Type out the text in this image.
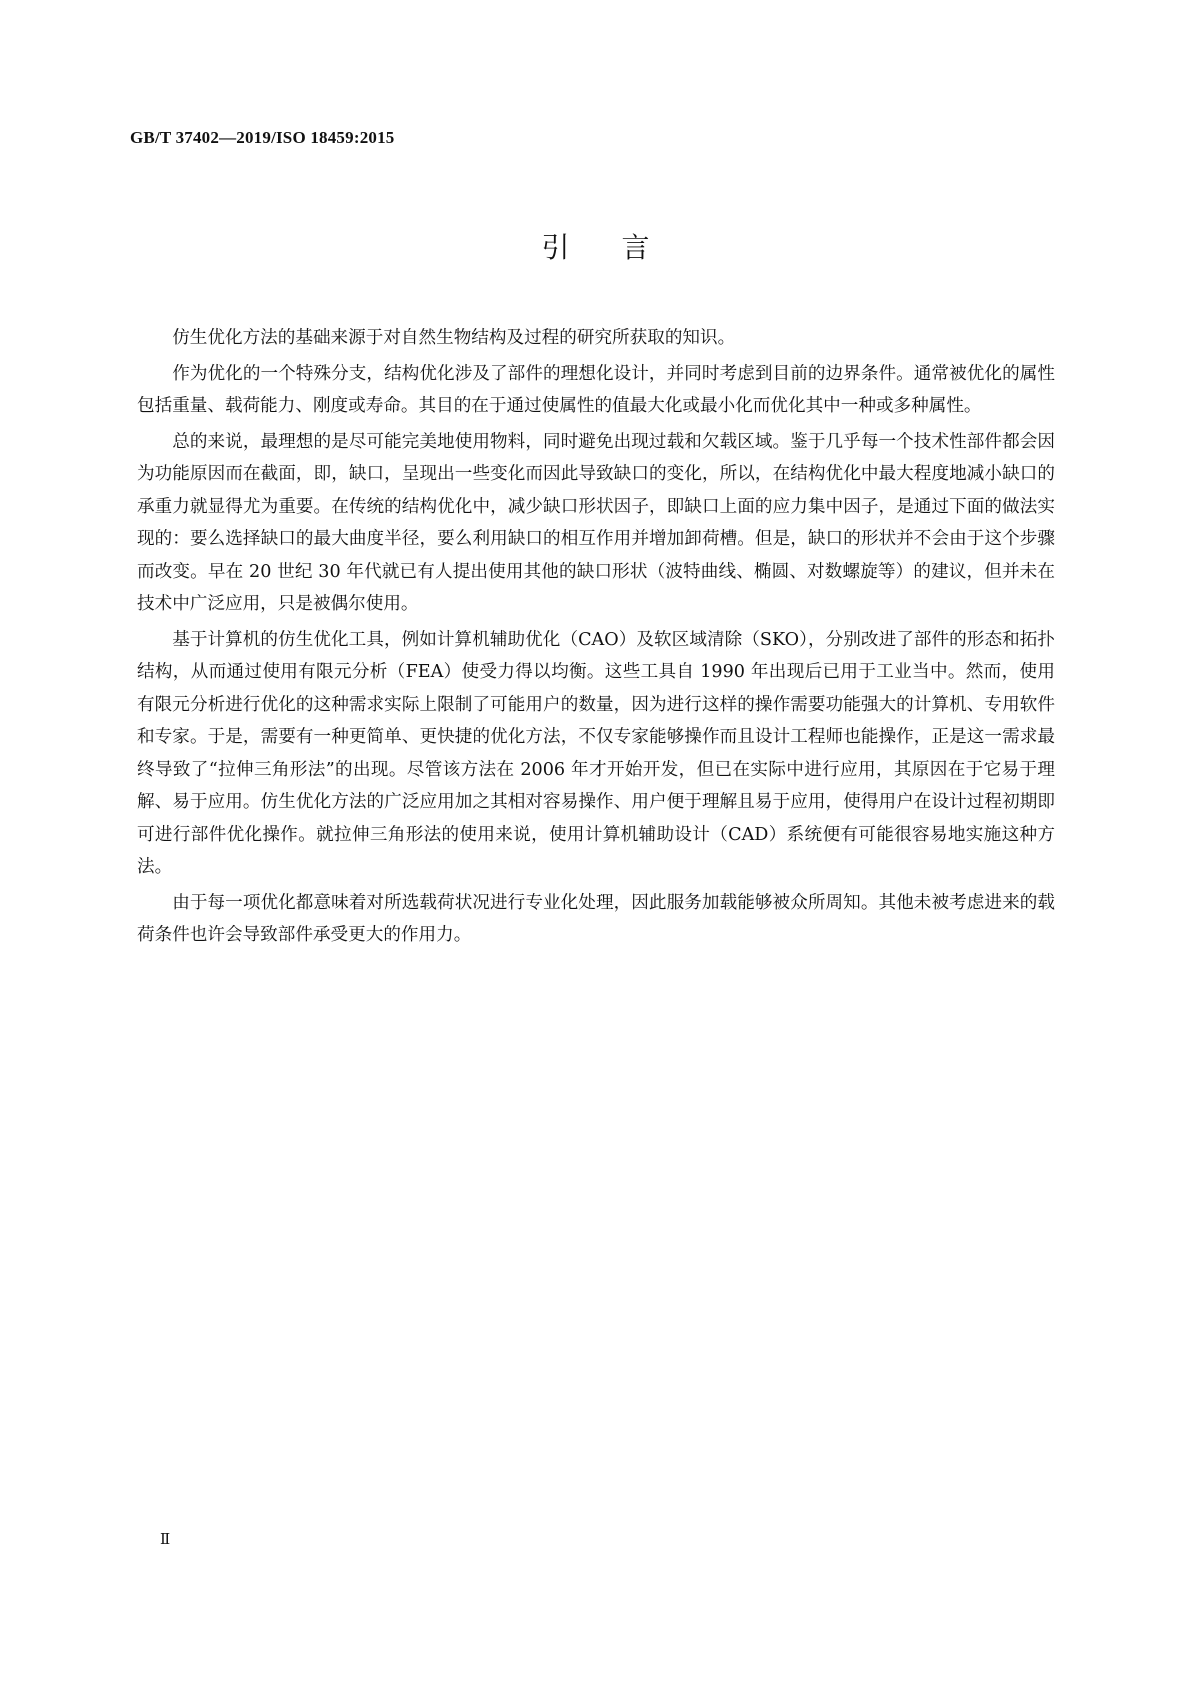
GB/T 37402—2019/ISO 18459:2015
引言

仿生优化方法的基础来源于对自然生物结构及过程的研究所获取的知识。

作为优化的一个特殊分支，结构优化涉及了部件的理想化设计，并同时考虑到目前的边界条件。通常被优化的属性包括重量、载荷能力、刚度或寿命。其目的在于通过使属性的值最大化或最小化而优化其中一种或多种属性。

总的来说，最理想的是尽可能完美地使用物料，同时避免出现过载和欠载区域。鉴于几乎每一个技术性部件都会因为功能原因而在截面，即，缺口，呈现出一些变化而因此导致缺口的变化，所以，在结构优化中最大程度地减小缺口的承重力就显得尤为重要。在传统的结构优化中，减少缺口形状因子，即缺口上面的应力集中因子，是通过下面的做法实现的：要么选择缺口的最大曲度半径，要么利用缺口的相互作用并增加卸荷槽。但是，缺口的形状并不会由于这个步骤而改变。早在 20 世纪 30 年代就已有人提出使用其他的缺口形状（波特曲线、椭圆、对数螺旋等）的建议，但并未在技术中广泛应用，只是被偶尔使用。

基于计算机的仿生优化工具，例如计算机辅助优化（CAO）及软区域清除（SKO），分别改进了部件的形态和拓扑结构，从而通过使用有限元分析（FEA）使受力得以均衡。这些工具自 1990 年出现后已用于工业当中。然而，使用有限元分析进行优化的这种需求实际上限制了可能用户的数量，因为进行这样的操作需要功能强大的计算机、专用软件和专家。于是，需要有一种更简单、更快捷的优化方法，不仅专家能够操作而且设计工程师也能操作，正是这一需求最终导致了“拉伸三角形法”的出现。尽管该方法在 2006 年才开始开发，但已在实际中进行应用，其原因在于它易于理解、易于应用。仿生优化方法的广泛应用加之其相对容易操作、用户便于理解且易于应用，使得用户在设计过程初期即可进行部件优化操作。就拉伸三角形法的使用来说，使用计算机辅助设计（CAD）系统便有可能很容易地实施这种方法。

由于每一项优化都意味着对所选载荷状况进行专业化处理，因此服务加载能够被众所周知。其他未被考虑进来的载荷条件也许会导致部件承受更大的作用力。

Ⅱ
